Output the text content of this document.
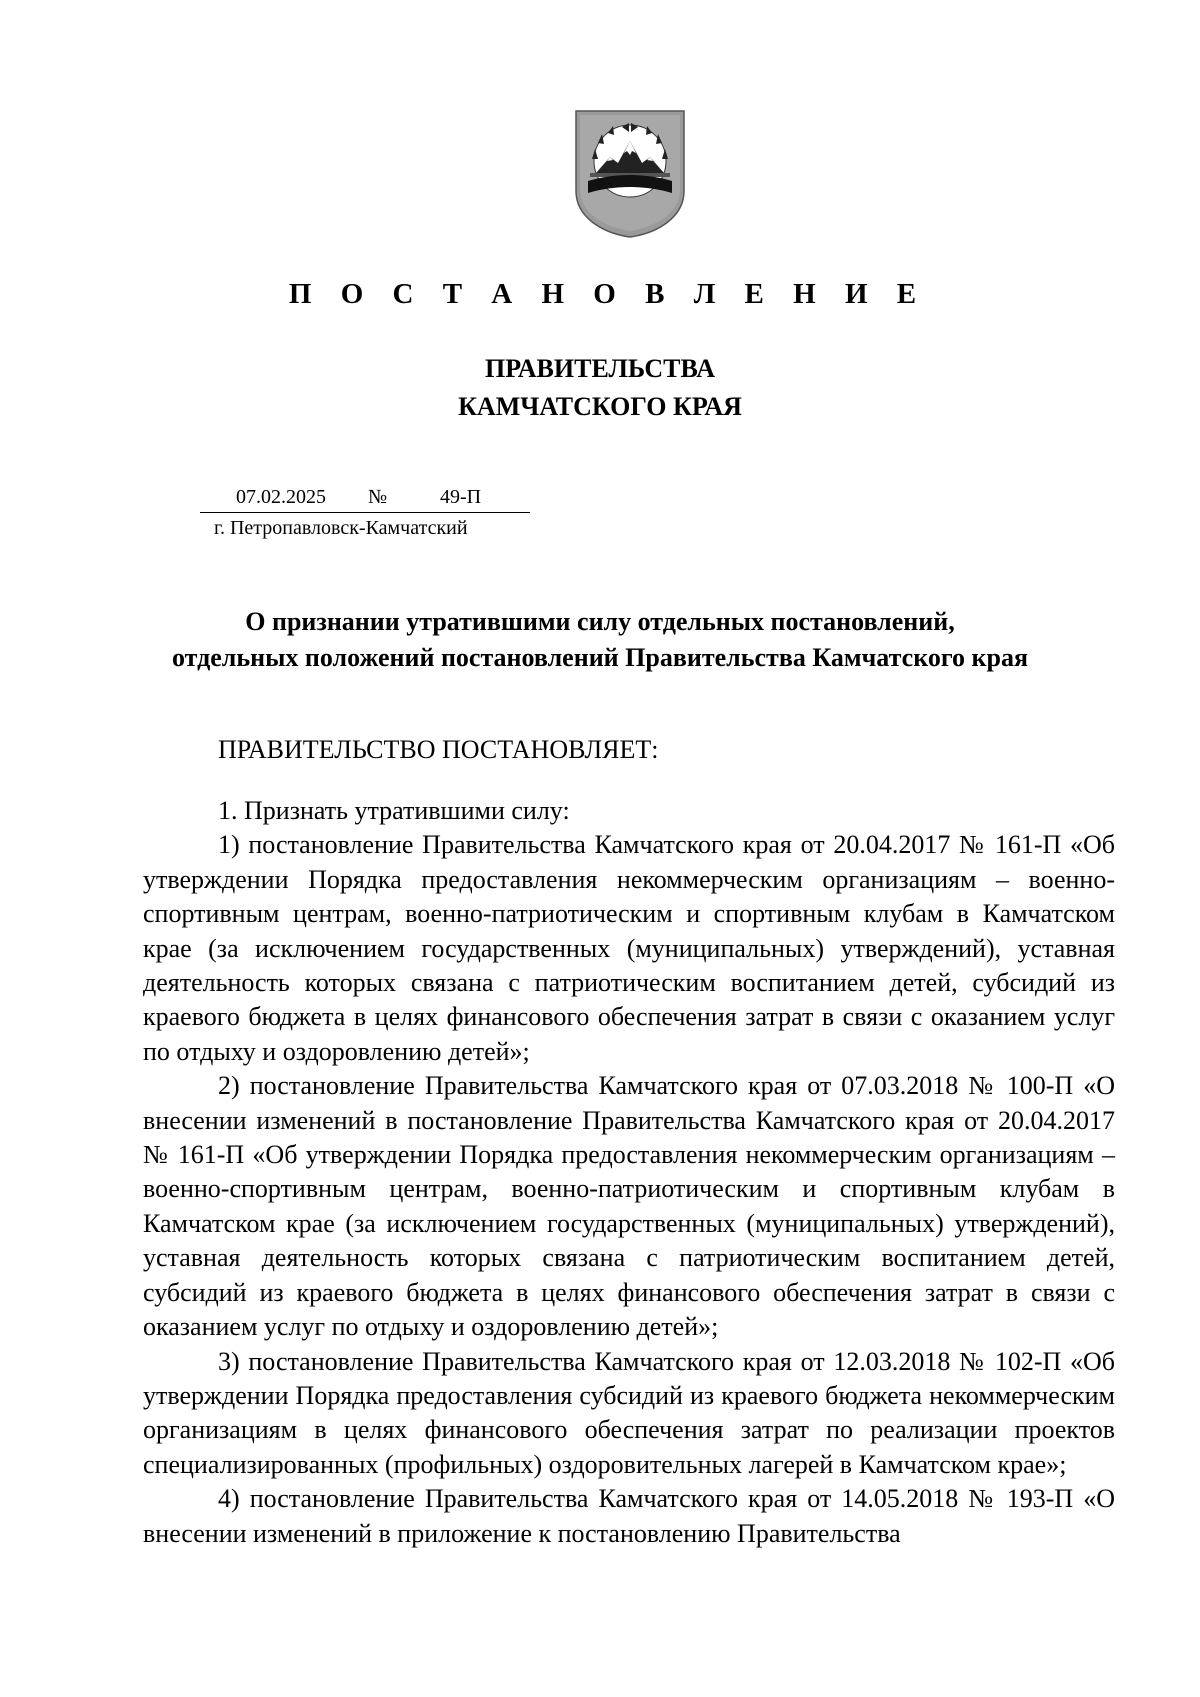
П О С Т А Н О В Л Е Н И Е
ПРАВИТЕЛЬСТВА
КАМЧАТСКОГО КРАЯ
07.02.2025 №	49-П
г. Петропавловск-Камчатский
О признании утратившими силу отдельных постановлений,
отдельных положений постановлений Правительства Камчатского края
ПРАВИТЕЛЬСТВО ПОСТАНОВЛЯЕТ:

1. Признать утратившими силу:

1) постановление Правительства Камчатского края от 20.04.2017 № 161-П «Об утверждении Порядка предоставления некоммерческим организациям – военно-спортивным центрам, военно-патриотическим и спортивным клубам в Камчатском крае (за исключением государственных (муниципальных) утверждений), уставная деятельность которых связана с патриотическим воспитанием детей, субсидий из краевого бюджета в целях финансового обеспечения затрат в связи с оказанием услуг по отдыху и оздоровлению детей»;

2) постановление Правительства Камчатского края от 07.03.2018 № 100-П «О внесении изменений в постановление Правительства Камчатского края от 20.04.2017 № 161-П «Об утверждении Порядка предоставления некоммерческим организациям – военно-спортивным центрам, военно-патриотическим и спортивным клубам в Камчатском крае (за исключением государственных (муниципальных) утверждений), уставная деятельность которых связана с патриотическим воспитанием детей, субсидий из краевого бюджета в целях финансового обеспечения затрат в связи с оказанием услуг по отдыху и оздоровлению детей»;

3) постановление Правительства Камчатского края от 12.03.2018 № 102-П «Об утверждении Порядка предоставления субсидий из краевого бюджета некоммерческим организациям в целях финансового обеспечения затрат по реализации проектов специализированных (профильных) оздоровительных лагерей в Камчатском крае»;

4) постановление Правительства Камчатского края от 14.05.2018 № 193-П «О внесении изменений в приложение к постановлению Правительства
